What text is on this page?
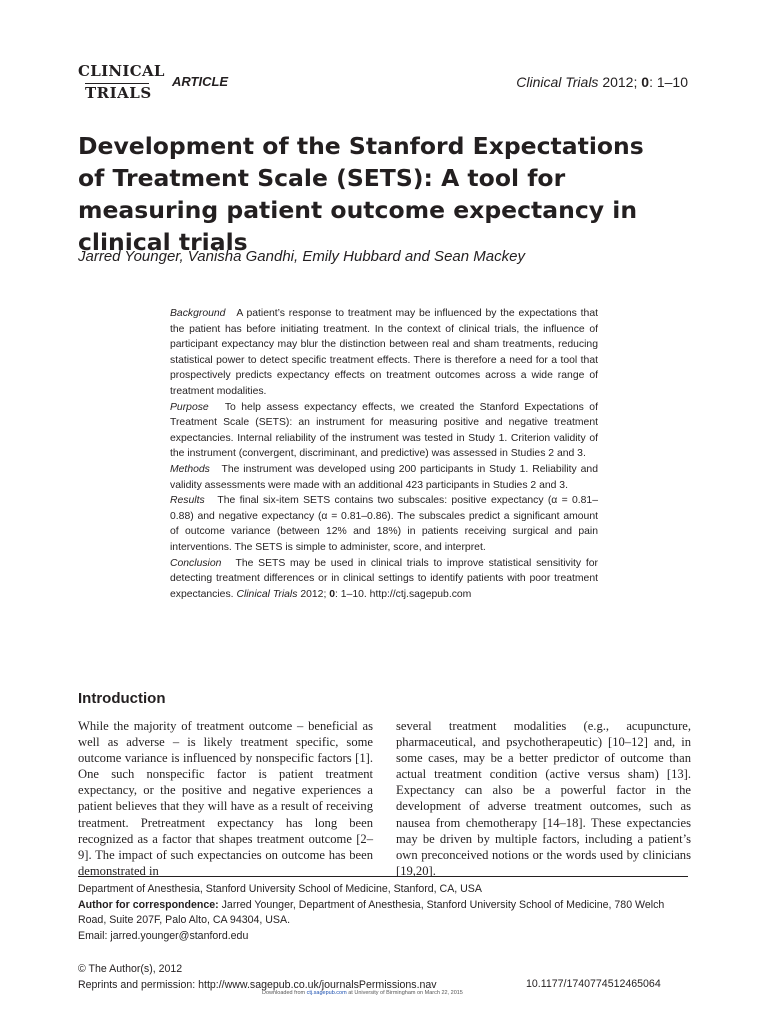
CLINICAL
TRIALS
ARTICLE	Clinical Trials 2012; 0: 1–10
Development of the Stanford Expectations of Treatment Scale (SETS): A tool for measuring patient outcome expectancy in clinical trials
Jarred Younger, Vanisha Gandhi, Emily Hubbard and Sean Mackey

Background A patient’s response to treatment may be influenced by the expectations that the patient has before initiating treatment. In the context of clinical trials, the influence of participant expectancy may blur the distinction between real and sham treatments, reducing statistical power to detect specific treatment effects. There is therefore a need for a tool that prospectively predicts expectancy effects on treatment outcomes across a wide range of treatment modalities.

Purpose To help assess expectancy effects, we created the Stanford Expectations of Treatment Scale (SETS): an instrument for measuring positive and negative treatment expectancies. Internal reliability of the instrument was tested in Study 1. Criterion validity of the instrument (convergent, discriminant, and predictive) was assessed in Studies 2 and 3.

Methods The instrument was developed using 200 participants in Study 1. Reliability and validity assessments were made with an additional 423 participants in Studies 2 and 3.

Results The final six-item SETS contains two subscales: positive expectancy (α = 0.81–0.88) and negative expectancy (α = 0.81–0.86). The subscales predict a significant amount of outcome variance (between 12% and 18%) in patients receiving surgical and pain interventions. The SETS is simple to administer, score, and interpret.

Conclusion The SETS may be used in clinical trials to improve statistical sensitivity for detecting treatment differences or in clinical settings to identify patients with poor treatment expectancies. Clinical Trials 2012; 0: 1–10. http://ctj.sagepub.com

Introduction

While the majority of treatment outcome – beneficial as well as adverse – is likely treatment specific, some outcome variance is influenced by nonspecific factors [1]. One such nonspecific factor is patient treatment expectancy, or the positive and negative experiences a patient believes that they will have as a result of receiving treatment. Pretreatment expectancy has long been recognized as a factor that shapes treatment outcome [2–9]. The impact of such expectancies on outcome has been demonstrated in

several treatment modalities (e.g., acupuncture, pharmaceutical, and psychotherapeutic) [10–12] and, in some cases, may be a better predictor of outcome than actual treatment condition (active versus sham) [13]. Expectancy can also be a powerful factor in the development of adverse treatment outcomes, such as nausea from chemotherapy [14–18]. These expectancies may be driven by multiple factors, including a patient’s own preconceived notions or the words used by clinicians [19,20].

Department of Anesthesia, Stanford University School of Medicine, Stanford, CA, USA
Author for correspondence: Jarred Younger, Department of Anesthesia, Stanford University School of Medicine, 780 Welch Road, Suite 207F, Palo Alto, CA 94304, USA.
Email: jarred.younger@stanford.edu
© The Author(s), 2012
Reprints and permission: http://www.sagepub.co.uk/journalsPermissions.nav	10.1177/1740774512465064
Downloaded from ctj.sagepub.com at University of Birmingham on March 22, 2015
